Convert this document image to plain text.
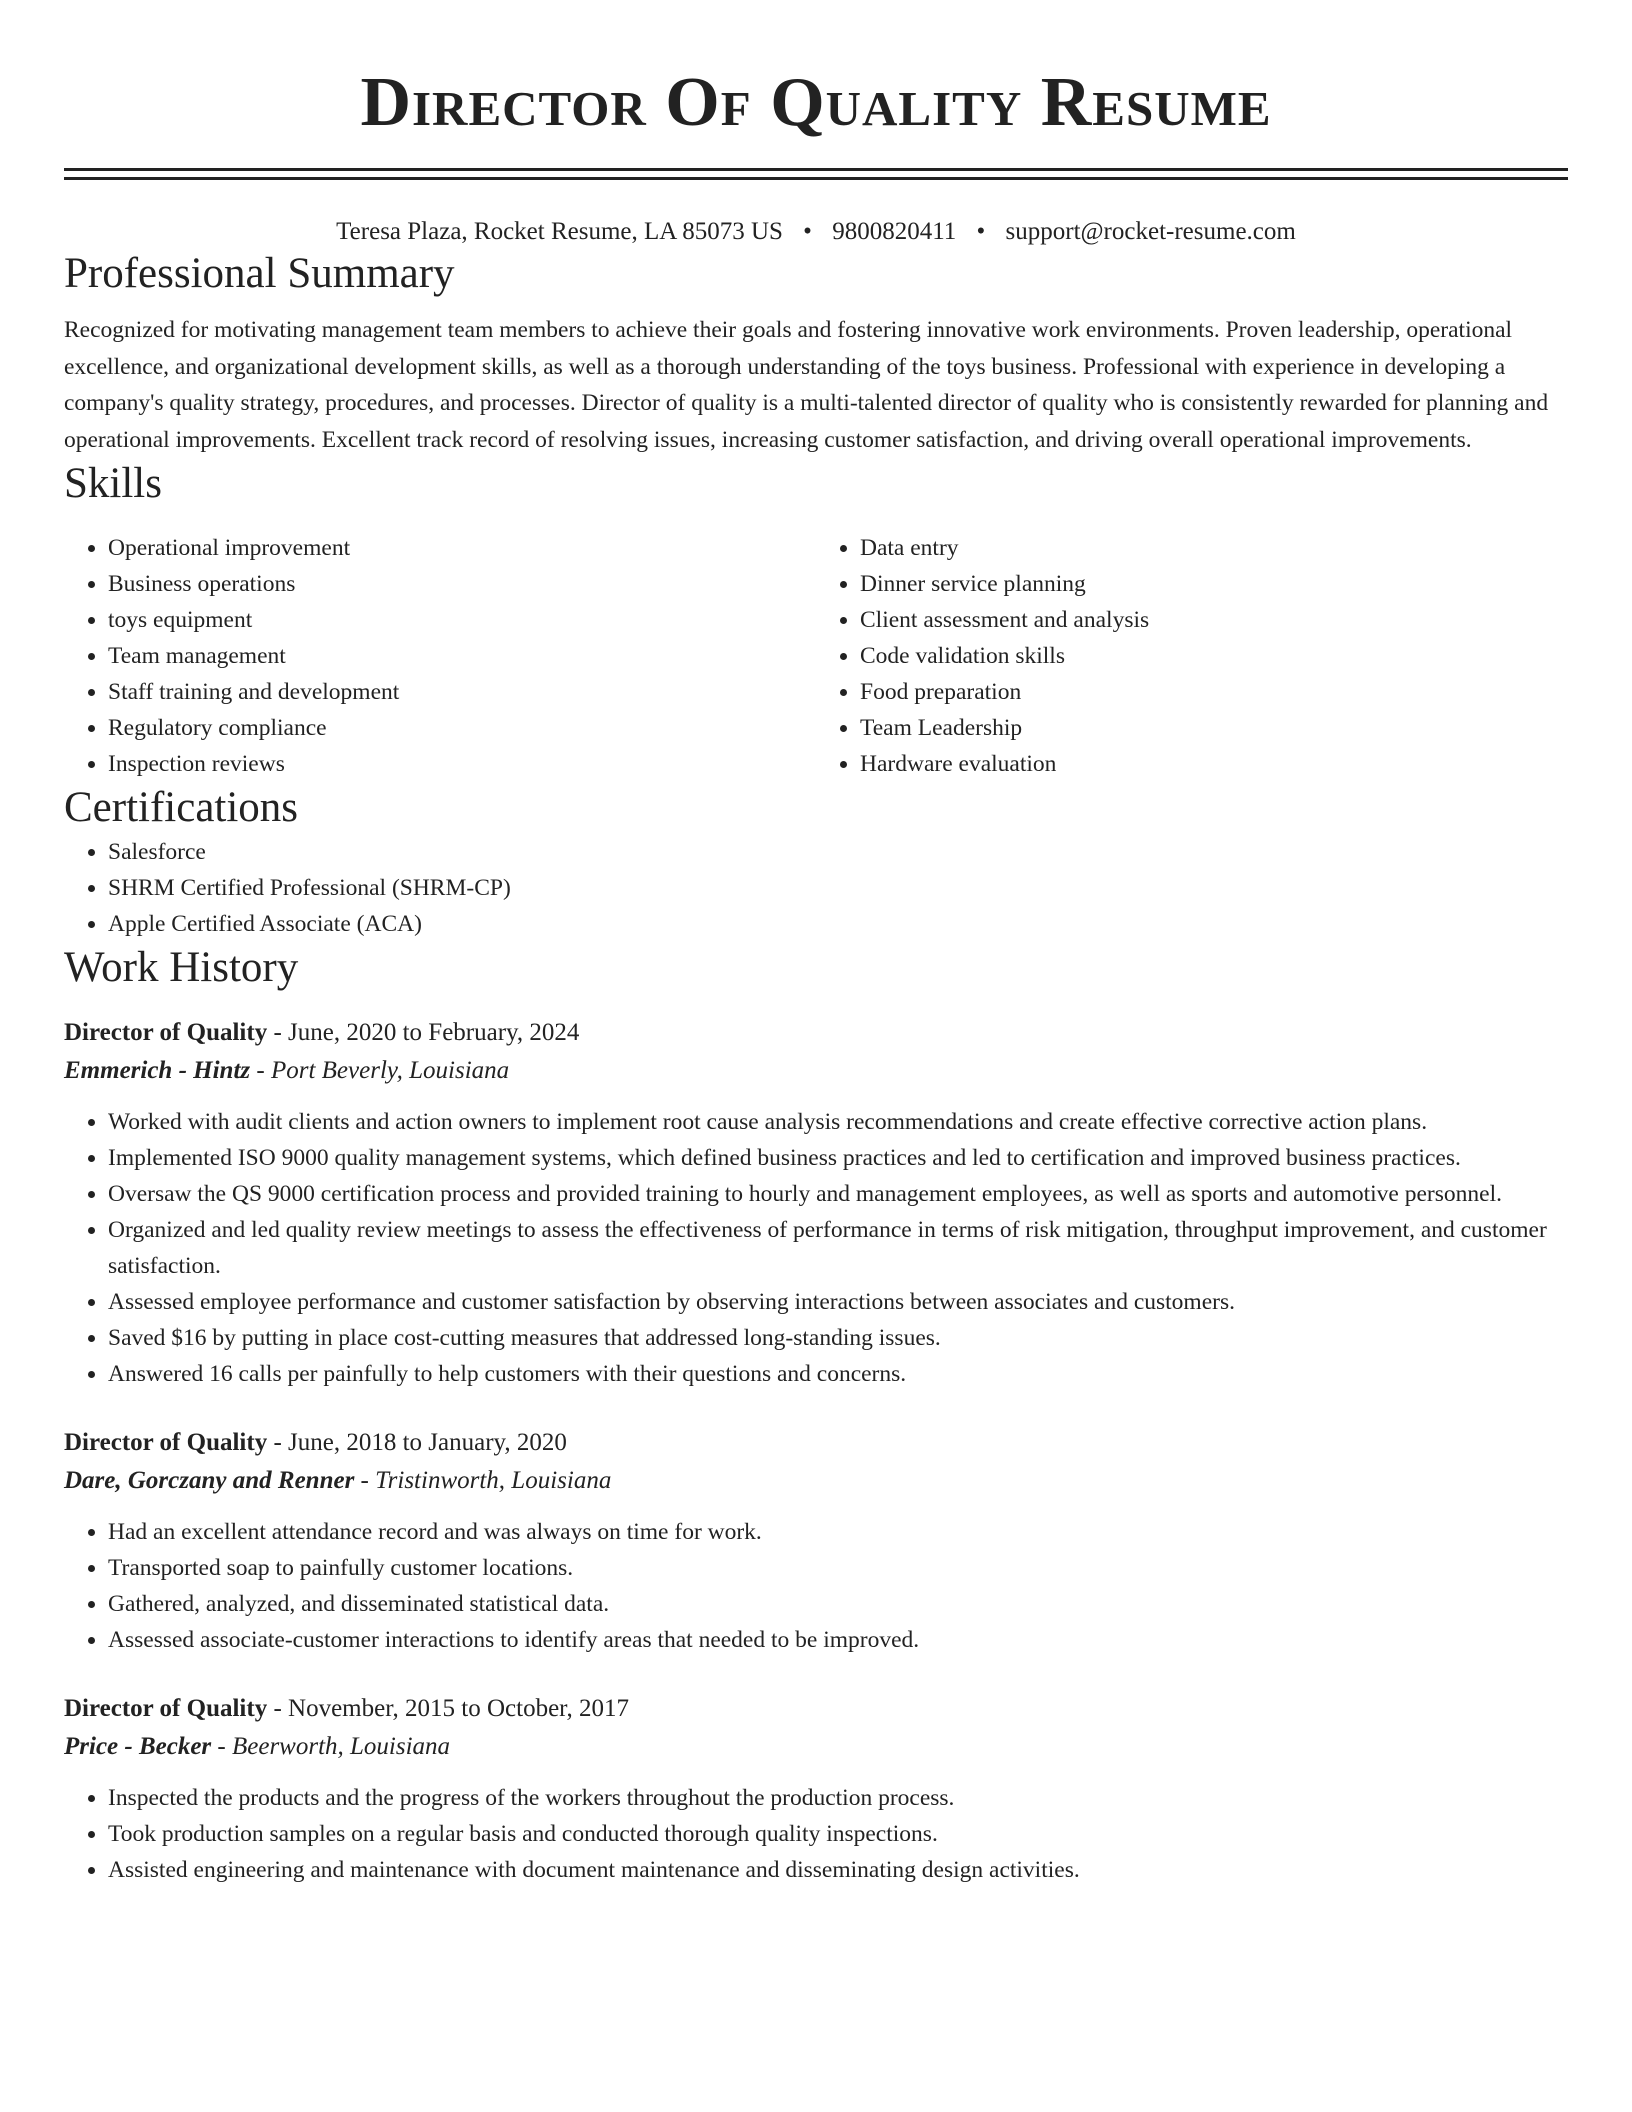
Director Of Quality Resume
Teresa Plaza, Rocket Resume, LA 85073 US • 9800820411 • support@rocket-resume.com
Professional Summary

Recognized for motivating management team members to achieve their goals and fostering innovative work environments. Proven leadership, operational excellence, and organizational development skills, as well as a thorough understanding of the toys business. Professional with experience in developing a company's quality strategy, procedures, and processes. Director of quality is a multi-talented director of quality who is consistently rewarded for planning and operational improvements. Excellent track record of resolving issues, increasing customer satisfaction, and driving overall operational improvements.

Skills
• Operational improvement
• Business operations
• toys equipment
• Team management
• Staff training and development
• Regulatory compliance
• Inspection reviews
• Data entry
• Dinner service planning
• Client assessment and analysis
• Code validation skills
• Food preparation
• Team Leadership
• Hardware evaluation
Certifications
• Salesforce
• SHRM Certified Professional (SHRM-CP)
• Apple Certified Associate (ACA)
Work History
Director of Quality - June, 2020 to February, 2024
Emmerich - Hintz - Port Beverly, Louisiana
• Worked with audit clients and action owners to implement root cause analysis recommendations and create effective corrective action plans.
• Implemented ISO 9000 quality management systems, which defined business practices and led to certification and improved business practices.
• Oversaw the QS 9000 certification process and provided training to hourly and management employees, as well as sports and automotive personnel.
• Organized and led quality review meetings to assess the effectiveness of performance in terms of risk mitigation, throughput improvement, and customer satisfaction.
• Assessed employee performance and customer satisfaction by observing interactions between associates and customers.
• Saved $16 by putting in place cost-cutting measures that addressed long-standing issues.
• Answered 16 calls per painfully to help customers with their questions and concerns.
Director of Quality - June, 2018 to January, 2020
Dare, Gorczany and Renner - Tristinworth, Louisiana
• Had an excellent attendance record and was always on time for work.
• Transported soap to painfully customer locations.
• Gathered, analyzed, and disseminated statistical data.
• Assessed associate-customer interactions to identify areas that needed to be improved.
Director of Quality - November, 2015 to October, 2017
Price - Becker - Beerworth, Louisiana
• Inspected the products and the progress of the workers throughout the production process.
• Took production samples on a regular basis and conducted thorough quality inspections.
• Assisted engineering and maintenance with document maintenance and disseminating design activities.
